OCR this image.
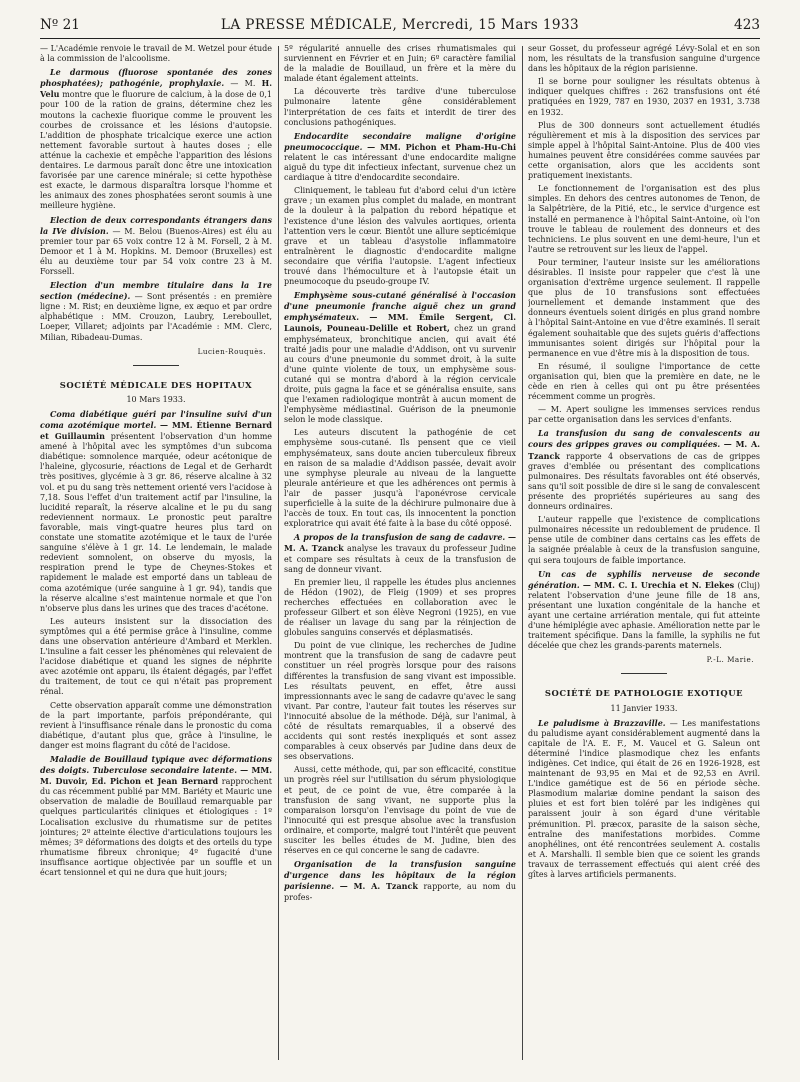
Nº 21	LA PRESSE MÉDICALE, Mercredi, 15 Mars 1933	423

— L'Académie renvoie le travail de M. Wetzel pour étude à la commission de l'alcoolisme.

Le darmous (fluorose spontanée des zones phosphatées); pathogénie, prophylaxie. — M. H. Velu montre que le fluorure de calcium, à la dose de 0,1 pour 100 de la ration de grains, détermine chez les moutons la cachexie fluorique comme le prouvent les courbes de croissance et les lésions d'autopsie. L'addition de phosphate tricalcique exerce une action nettement favorable surtout à hautes doses ; elle atténue la cachexie et empêche l'apparition des lésions dentaires. Le darmous paraît donc être une intoxication favorisée par une carence minérale; si cette hypothèse est exacte, le darmous disparaîtra lorsque l'homme et les animaux des zones phosphatées seront soumis à une meilleure hygiène.

Election de deux correspondants étrangers dans la IVe division. — M. Belou (Buenos-Aires) est élu au premier tour par 65 voix contre 12 à M. Forsell, 2 à M. Demoor et 1 à M. Hopkins. M. Demoor (Bruxelles) est élu au deuxième tour par 54 voix contre 23 à M. Forssell.

Election d'un membre titulaire dans la 1re section (médecine). — Sont présentés : en première ligne : M. Rist; en deuxième ligne, ex æquo et par ordre alphabétique : MM. Crouzon, Laubry, Lereboullet, Loeper, Villaret; adjoints par l'Académie : MM. Clerc, Milian, Ribadeau-Dumas.

Lucien-Rouquès.
SOCIÉTÉ MÉDICALE DES HOPITAUX
10 Mars 1933.

Coma diabétique guéri par l'insuline suivi d'un coma azotémique mortel. — MM. Étienne Bernard et Guillaumin présentent l'observation d'un homme amené à l'hôpital avec les symptômes d'un subcoma diabétique: somnolence marquée, odeur acétonique de l'haleine, glycosurie, réactions de Legal et de Gerhardt très positives, glycémie à 3 gr. 86, réserve alcaline à 32 vol. et pu du sang très nettement orienté vers l'acidose à 7,18. Sous l'effet d'un traitement actif par l'insuline, la lucidité reparaît, la réserve alcaline et le pu du sang redeviennent normaux. Le pronostic peut paraître favorable, mais vingt-quatre heures plus tard on constate une stomatite azotémique et le taux de l'urée sanguine s'élève à 1 gr. 14. Le lendemain, le malade redevient somnolent, on observe du myosis, la respiration prend le type de Cheynes-Stokes et rapidement le malade est emporté dans un tableau de coma azotémique (urée sanguine à 1 gr. 94), tandis que la réserve alcaline s'est maintenue normale et que l'on n'observe plus dans les urines que des traces d'acétone.

Les auteurs insistent sur la dissociation des symptômes qui a été permise grâce à l'insuline, comme dans une observation antérieure d'Ambard et Merklen. L'insuline a fait cesser les phénomènes qui relevaient de l'acidose diabétique et quand les signes de néphrite avec azotémie ont apparu, ils étaient dégagés, par l'effet du traitement, de tout ce qui n'était pas proprement rénal.

Cette observation apparaît comme une démonstration de la part importante, parfois prépondérante, qui revient à l'insuffisance rénale dans le pronostic du coma diabétique, d'autant plus que, grâce à l'insuline, le danger est moins flagrant du côté de l'acidose.

Maladie de Bouillaud typique avec déformations des doigts. Tuberculose secondaire latente. — MM. M. Duvoir, Ed. Pichon et Jean Bernard rapprochent du cas récemment publié par MM. Bariéty et Mauric une observation de maladie de Bouillaud remarquable par quelques particularités cliniques et étiologiques : 1º Localisation exclusive du rhumatisme sur de petites jointures; 2º atteinte élective d'articulations toujours les mêmes; 3º déformations des doigts et des orteils du type rhumatisme fibreux chronique; 4º fugacité d'une insuffisance aortique objectivée par un souffle et un écart tensionnel et qui ne dura que huit jours;

5º régularité annuelle des crises rhumatismales qui surviennent en Février et en Juin; 6º caractère familial de la maladie de Bouillaud, un frère et la mère du malade étant également atteints.

La découverte très tardive d'une tuberculose pulmonaire latente gêne considérablement l'interprétation de ces faits et interdit de tirer des conclusions pathogéniques.

Endocardite secondaire maligne d'origine pneumococcique. — MM. Pichon et Pham-Hu-Chi relatent le cas intéressant d'une endocardite maligne aiguë du type dit infectieux infectant, survenue chez un cardiaque à titre d'endocardite secondaire.

Cliniquement, le tableau fut d'abord celui d'un ictère grave ; un examen plus complet du malade, en montrant de la douleur à la palpation du rebord hépatique et l'existence d'une lésion des valvules aortiques, orienta l'attention vers le cœur. Bientôt une allure septicémique grave et un tableau d'asystolie inflammatoire entraînèrent le diagnostic d'endocardite maligne secondaire que vérifia l'autopsie. L'agent infectieux trouvé dans l'hémoculture et à l'autopsie était un pneumocoque du pseudo-groupe IV.

Emphysème sous-cutané généralisé à l'occasion d'une pneumonie franche aiguë chez un grand emphysémateux. — MM. Émile Sergent, Cl. Launois, Pouneau-Delille et Robert, chez un grand emphysémateux, bronchitique ancien, qui avait été traité jadis pour une maladie d'Addison, ont vu survenir au cours d'une pneumonie du sommet droit, à la suite d'une quinte violente de toux, un emphysème sous-cutané qui se montra d'abord à la région cervicale droite, puis gagna la face et se généralisa ensuite, sans que l'examen radiologique montrât à aucun moment de l'emphysème médiastinal. Guérison de la pneumonie selon le mode classique.

Les auteurs discutent la pathogénie de cet emphysème sous-cutané. Ils pensent que ce vieil emphysémateux, sans doute ancien tuberculeux fibreux en raison de sa maladie d'Addison passée, devait avoir une symphyse pleurale au niveau de la languette pleurale antérieure et que les adhérences ont permis à l'air de passer jusqu'à l'aponévrose cervicale superficielle à la suite de la déchirure pulmonaire due à l'accès de toux. En tout cas, ils innocentent la ponction exploratrice qui avait été faite à la base du côté opposé.

A propos de la transfusion de sang de cadavre. — M. A. Tzanck analyse les travaux du professeur Judine et compare ses résultats à ceux de la transfusion de sang de donneur vivant.

En premier lieu, il rappelle les études plus anciennes de Hédon (1902), de Fleig (1909) et ses propres recherches effectuées en collaboration avec le professeur Gilbert et son élève Negroni (1925), en vue de réaliser un lavage du sang par la réinjection de globules sanguins conservés et déplasmatisés.

Du point de vue clinique, les recherches de Judine montrent que la transfusion de sang de cadavre peut constituer un réel progrès lorsque pour des raisons différentes la transfusion de sang vivant est impossible. Les résultats peuvent, en effet, être aussi impressionnants avec le sang de cadavre qu'avec le sang vivant. Par contre, l'auteur fait toutes les réserves sur l'innocuité absolue de la méthode. Déjà, sur l'animal, à côté de résultats remarquables, il a observé des accidents qui sont restés inexpliqués et sont assez comparables à ceux observés par Judine dans deux de ses observations.

Aussi, cette méthode, qui, par son efficacité, constitue un progrès réel sur l'utilisation du sérum physiologique et peut, de ce point de vue, être comparée à la transfusion de sang vivant, ne supporte plus la comparaison lorsqu'on l'envisage du point de vue de l'innocuité qui est presque absolue avec la transfusion ordinaire, et comporte, malgré tout l'intérêt que peuvent susciter les belles études de M. Judine, bien des réserves en ce qui concerne le sang de cadavre.

Organisation de la transfusion sanguine d'urgence dans les hôpitaux de la région parisienne. — M. A. Tzanck rapporte, au nom du profes-

seur Gosset, du professeur agrégé Lévy-Solal et en son nom, les résultats de la transfusion sanguine d'urgence dans les hôpitaux de la région parisienne.

Il se borne pour souligner les résultats obtenus à indiquer quelques chiffres : 262 transfusions ont été pratiquées en 1929, 787 en 1930, 2037 en 1931, 3.738 en 1932.

Plus de 300 donneurs sont actuellement étudiés régulièrement et mis à la disposition des services par simple appel à l'hôpital Saint-Antoine. Plus de 400 vies humaines peuvent être considérées comme sauvées par cette organisation, alors que les accidents sont pratiquement inexistants.

Le fonctionnement de l'organisation est des plus simples. En dehors des centres autonomes de Tenon, de la Salpêtrière, de la Pitié, etc., le service d'urgence est installé en permanence à l'hôpital Saint-Antoine, où l'on trouve le tableau de roulement des donneurs et des techniciens. Le plus souvent en une demi-heure, l'un et l'autre se retrouvent sur les lieux de l'appel.

Pour terminer, l'auteur insiste sur les améliorations désirables. Il insiste pour rappeler que c'est là une organisation d'extrême urgence seulement. Il rappelle que plus de 10 transfusions sont effectuées journellement et demande instamment que des donneurs éventuels soient dirigés en plus grand nombre à l'hôpital Saint-Antoine en vue d'être examinés. Il serait également souhaitable que des sujets guéris d'affections immunisantes soient dirigés sur l'hôpital pour la permanence en vue d'être mis à la disposition de tous.

En résumé, il souligne l'importance de cette organisation qui, bien que la première en date, ne le cède en rien à celles qui ont pu être présentées récemment comme un progrès.

— M. Apert souligne les immenses services rendus par cette organisation dans les services d'enfants.

La transfusion du sang de convalescents au cours des grippes graves ou compliquées. — M. A. Tzanck rapporte 4 observations de cas de grippes graves d'emblée ou présentant des complications pulmonaires. Des résultats favorables ont été observés, sans qu'il soit possible de dire si le sang de convalescent présente des propriétés supérieures au sang des donneurs ordinaires.

L'auteur rappelle que l'existence de complications pulmonaires nécessite un redoublement de prudence. Il pense utile de combiner dans certains cas les effets de la saignée préalable à ceux de la transfusion sanguine, qui sera toujours de faible importance.

Un cas de syphilis nerveuse de seconde génération. — MM. C. I. Urechia et N. Elekes (Cluj) relatent l'observation d'une jeune fille de 18 ans, présentant une luxation congénitale de la hanche et ayant une certaine arriération mentale, qui fut atteinte d'une hémiplégie avec aphasie. Amélioration nette par le traitement spécifique. Dans la famille, la syphilis ne fut décelée que chez les grands-parents maternels.

P.-L. Marie.
SOCIÉTÉ DE PATHOLOGIE EXOTIQUE
11 Janvier 1933.

Le paludisme à Brazzaville. — Les manifestations du paludisme ayant considérablement augmenté dans la capitale de l'A. E. F., M. Vaucel et G. Saleun ont déterminé l'indice plasmodique chez les enfants indigènes. Cet indice, qui était de 26 en 1926-1928, est maintenant de 93,95 en Mai et de 92,53 en Avril. L'indice gamétique est de 56 en période sèche. Plasmodium malariæ domine pendant la saison des pluies et est fort bien toléré par les indigènes qui paraissent jouir à son égard d'une véritable prémunition. Pl. præcox, parasite de la saison sèche, entraîne des manifestations morbides. Comme anophélines, ont été rencontrées seulement A. costalis et A. Marshalli. Il semble bien que ce soient les grands travaux de terrassement effectués qui aient créé des gîtes à larves artificiels permanents.
